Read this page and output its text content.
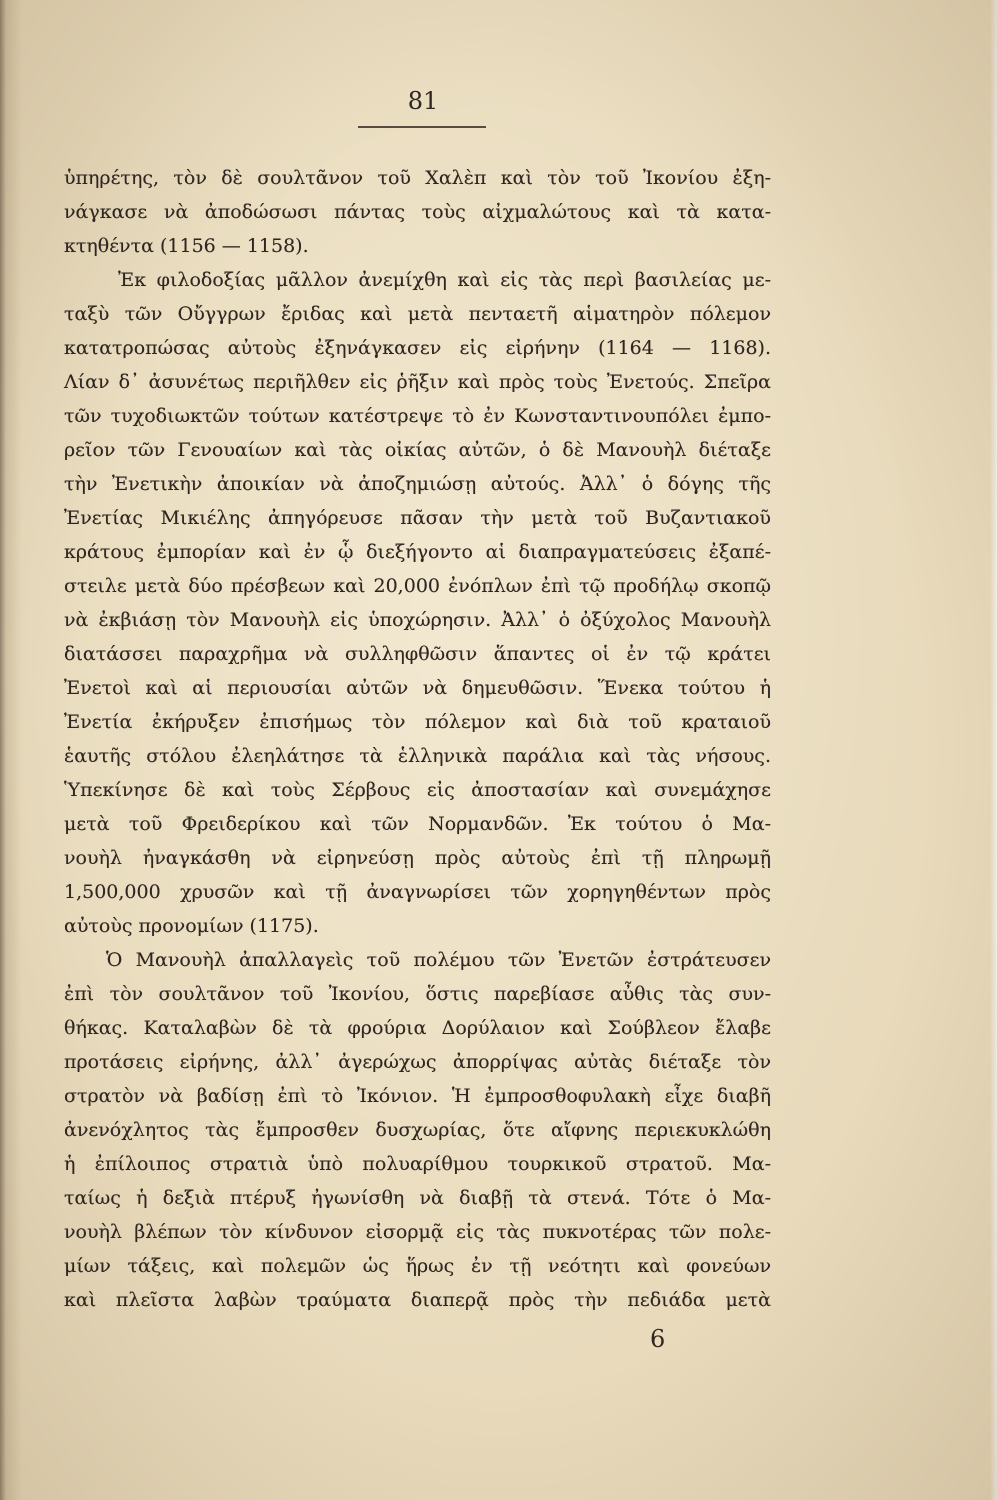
81
ὑπηρέτης, τὸν δὲ σουλτᾶνον τοῦ Χαλὲπ καὶ τὸν τοῦ Ἰκονίου ἐξη-
νάγκασε νὰ ἀποδώσωσι πάντας τοὺς αἰχμαλώτους καὶ τὰ κατα-
κτηθέντα (1156 — 1158).
Ἐκ φιλοδοξίας μᾶλλον ἀνεμίχθη καὶ εἰς τὰς περὶ βασιλείας με-
ταξὺ τῶν Οὔγγρων ἔριδας καὶ μετὰ πενταετῆ αἱματηρὸν πόλεμον
κατατροπώσας αὐτοὺς ἐξηνάγκασεν εἰς εἰρήνην (1164 — 1168).
Λίαν δ᾽ ἀσυνέτως περιῆλθεν εἰς ῥῆξιν καὶ πρὸς τοὺς Ἐνετούς. Σπεῖρα
τῶν τυχοδιωκτῶν τούτων κατέστρεψε τὸ ἐν Κωνσταντινουπόλει ἐμπο-
ρεῖον τῶν Γενουαίων καὶ τὰς οἰκίας αὐτῶν, ὁ δὲ Μανουὴλ διέταξε
τὴν Ἐνετικὴν ἀποικίαν νὰ ἀποζημιώσῃ αὐτούς. Ἀλλ᾽ ὁ δόγης τῆς
Ἐνετίας Μικιέλης ἀπηγόρευσε πᾶσαν τὴν μετὰ τοῦ Βυζαντιακοῦ
κράτους ἐμπορίαν καὶ ἐν ᾧ διεξήγοντο αἱ διαπραγματεύσεις ἐξαπέ-
στειλε μετὰ δύο πρέσβεων καὶ 20,000 ἐνόπλων ἐπὶ τῷ προδήλῳ σκοπῷ
νὰ ἐκβιάσῃ τὸν Μανουὴλ εἰς ὑποχώρησιν. Ἀλλ᾽ ὁ ὀξύχολος Μανουὴλ
διατάσσει παραχρῆμα νὰ συλληφθῶσιν ἅπαντες οἱ ἐν τῷ κράτει
Ἐνετοὶ καὶ αἱ περιουσίαι αὐτῶν νὰ δημευθῶσιν. Ἕνεκα τούτου ἡ
Ἐνετία ἐκήρυξεν ἐπισήμως τὸν πόλεμον καὶ διὰ τοῦ κραταιοῦ
ἑαυτῆς στόλου ἐλεηλάτησε τὰ ἑλληνικὰ παράλια καὶ τὰς νήσους.
Ὑπεκίνησε δὲ καὶ τοὺς Σέρβους εἰς ἀποστασίαν καὶ συνεμάχησε
μετὰ τοῦ Φρειδερίκου καὶ τῶν Νορμανδῶν. Ἐκ τούτου ὁ Μα-
νουὴλ ἠναγκάσθη νὰ εἰρηνεύσῃ πρὸς αὐτοὺς ἐπὶ τῇ πληρωμῇ
1,500,000 χρυσῶν καὶ τῇ ἀναγνωρίσει τῶν χορηγηθέντων πρὸς
αὐτοὺς προνομίων (1175).
Ὁ Μανουὴλ ἀπαλλαγεὶς τοῦ πολέμου τῶν Ἐνετῶν ἐστράτευσεν
ἐπὶ τὸν σουλτᾶνον τοῦ Ἰκονίου, ὅστις παρεβίασε αὖθις τὰς συν-
θήκας. Καταλαβὼν δὲ τὰ φρούρια Δορύλαιον καὶ Σούβλεον ἔλαβε
προτάσεις εἰρήνης, ἀλλ᾽ ἀγερώχως ἀπορρίψας αὐτὰς διέταξε τὸν
στρατὸν νὰ βαδίσῃ ἐπὶ τὸ Ἰκόνιον. Ἡ ἐμπροσθοφυλακὴ εἶχε διαβῆ
ἀνενόχλητος τὰς ἔμπροσθεν δυσχωρίας, ὅτε αἴφνης περιεκυκλώθη
ἡ ἐπίλοιπος στρατιὰ ὑπὸ πολυαρίθμου τουρκικοῦ στρατοῦ. Μα-
ταίως ἡ δεξιὰ πτέρυξ ἠγωνίσθη νὰ διαβῇ τὰ στενά. Τότε ὁ Μα-
νουὴλ βλέπων τὸν κίνδυνον εἰσορμᾷ εἰς τὰς πυκνοτέρας τῶν πολε-
μίων τάξεις, καὶ πολεμῶν ὡς ἥρως ἐν τῇ νεότητι καὶ φονεύων
καὶ πλεῖστα λαβὼν τραύματα διαπερᾷ πρὸς τὴν πεδιάδα μετὰ
6
